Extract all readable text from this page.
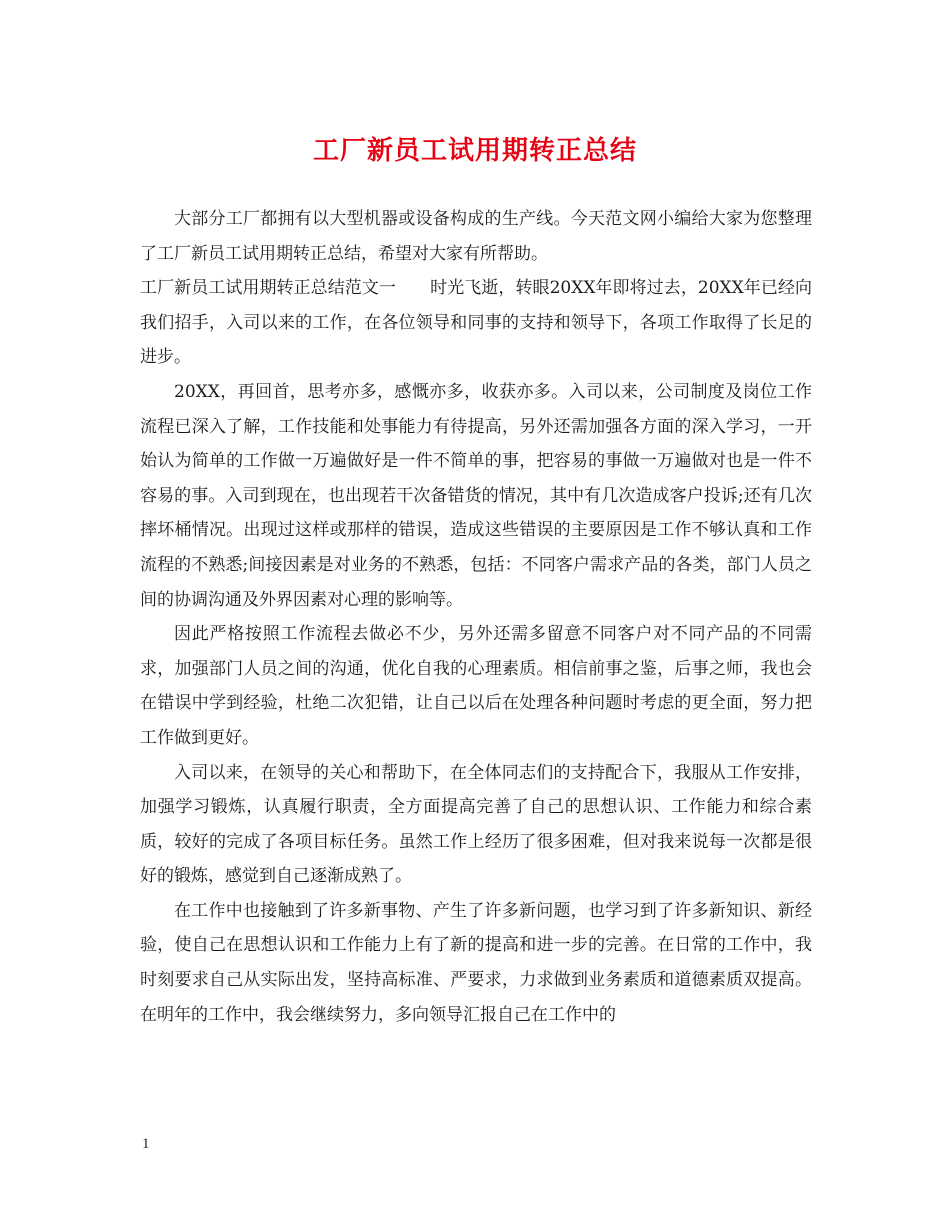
工厂新员工试用期转正总结

大部分工厂都拥有以大型机器或设备构成的生产线。今天范文网小编给大家为您整理了工厂新员工试用期转正总结，希望对大家有所帮助。

工厂新员工试用期转正总结范文一　　时光飞逝，转眼20XX年即将过去，20XX年已经向我们招手，入司以来的工作，在各位领导和同事的支持和领导下，各项工作取得了长足的进步。

20XX，再回首，思考亦多，感慨亦多，收获亦多。入司以来，公司制度及岗位工作流程已深入了解，工作技能和处事能力有待提高，另外还需加强各方面的深入学习，一开始认为简单的工作做一万遍做好是一件不简单的事，把容易的事做一万遍做对也是一件不容易的事。入司到现在，也出现若干次备错货的情况，其中有几次造成客户投诉;还有几次摔坏桶情况。出现过这样或那样的错误，造成这些错误的主要原因是工作不够认真和工作流程的不熟悉;间接因素是对业务的不熟悉，包括：不同客户需求产品的各类，部门人员之间的协调沟通及外界因素对心理的影响等。

因此严格按照工作流程去做必不少，另外还需多留意不同客户对不同产品的不同需求，加强部门人员之间的沟通，优化自我的心理素质。相信前事之鉴，后事之师，我也会在错误中学到经验，杜绝二次犯错，让自己以后在处理各种问题时考虑的更全面，努力把工作做到更好。

入司以来，在领导的关心和帮助下，在全体同志们的支持配合下，我服从工作安排，加强学习锻炼，认真履行职责，全方面提高完善了自己的思想认识、工作能力和综合素质，较好的完成了各项目标任务。虽然工作上经历了很多困难，但对我来说每一次都是很好的锻炼，感觉到自己逐渐成熟了。

在工作中也接触到了许多新事物、产生了许多新问题，也学习到了许多新知识、新经验，使自己在思想认识和工作能力上有了新的提高和进一步的完善。在日常的工作中，我时刻要求自己从实际出发，坚持高标准、严要求，力求做到业务素质和道德素质双提高。在明年的工作中，我会继续努力，多向领导汇报自己在工作中的

1
